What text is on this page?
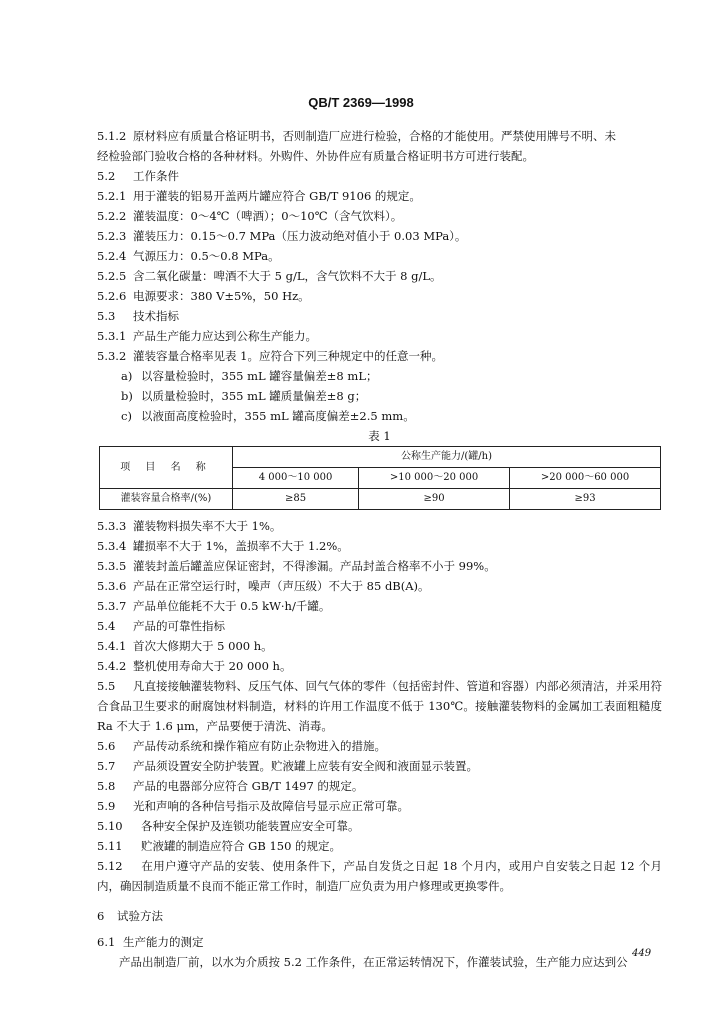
QB/T 2369—1998
5.1.2 原材料应有质量合格证明书，否则制造厂应进行检验，合格的才能使用。严禁使用牌号不明、未
经检验部门验收合格的各种材料。外购件、外协件应有质量合格证明书方可进行装配。
5.2 工作条件
5.2.1 用于灌装的铝易开盖两片罐应符合 GB/T 9106 的规定。
5.2.2 灌装温度：0～4℃（啤酒）；0～10℃（含气饮料）。
5.2.3 灌装压力：0.15～0.7 MPa（压力波动绝对值小于 0.03 MPa）。
5.2.4 气源压力：0.5～0.8 MPa。
5.2.5 含二氧化碳量：啤酒不大于 5 g/L，含气饮料不大于 8 g/L。
5.2.6 电源要求：380 V±5%，50 Hz。
5.3 技术指标
5.3.1 产品生产能力应达到公称生产能力。
5.3.2 灌装容量合格率见表 1。应符合下列三种规定中的任意一种。
a) 以容量检验时，355 mL 罐容量偏差±8 mL；
b) 以质量检验时，355 mL 罐质量偏差±8 g；
c) 以液面高度检验时，355 mL 罐高度偏差±2.5 mm。
表 1
项 目 名 称	公称生产能力/(罐/h)		
	4 000～10 000	>10 000～20 000	>20 000～60 000
灌装容量合格率/(%)	≥85	≥90	≥93
5.3.3 灌装物料损失率不大于 1%。
5.3.4 罐损率不大于 1%，盖损率不大于 1.2%。
5.3.5 灌装封盖后罐盖应保证密封，不得渗漏。产品封盖合格率不小于 99%。
5.3.6 产品在正常空运行时，噪声（声压级）不大于 85 dB(A)。
5.3.7 产品单位能耗不大于 0.5 kW·h/千罐。
5.4 产品的可靠性指标
5.4.1 首次大修期大于 5 000 h。
5.4.2 整机使用寿命大于 20 000 h。
5.5 凡直接接触灌装物料、反压气体、回气气体的零件（包括密封件、管道和容器）内部必须清洁，并采用符合食品卫生要求的耐腐蚀材料制造，材料的许用工作温度不低于 130℃。接触灌装物料的金属加工表面粗糙度 Ra 不大于 1.6 μm，产品要便于清洗、消毒。
5.6 产品传动系统和操作箱应有防止杂物进入的措施。
5.7 产品须设置安全防护装置。贮液罐上应装有安全阀和液面显示装置。
5.8 产品的电器部分应符合 GB/T 1497 的规定。
5.9 光和声响的各种信号指示及故障信号显示应正常可靠。
5.10 各种安全保护及连锁功能装置应安全可靠。
5.11 贮液罐的制造应符合 GB 150 的规定。
5.12 在用户遵守产品的安装、使用条件下，产品自发货之日起 18 个月内，或用户自安装之日起 12 个月内，确因制造质量不良而不能正常工作时，制造厂应负责为用户修理或更换零件。
6 试验方法
6.1 生产能力的测定
产品出制造厂前，以水为介质按 5.2 工作条件，在正常运转情况下，作灌装试验，生产能力应达到公
449
